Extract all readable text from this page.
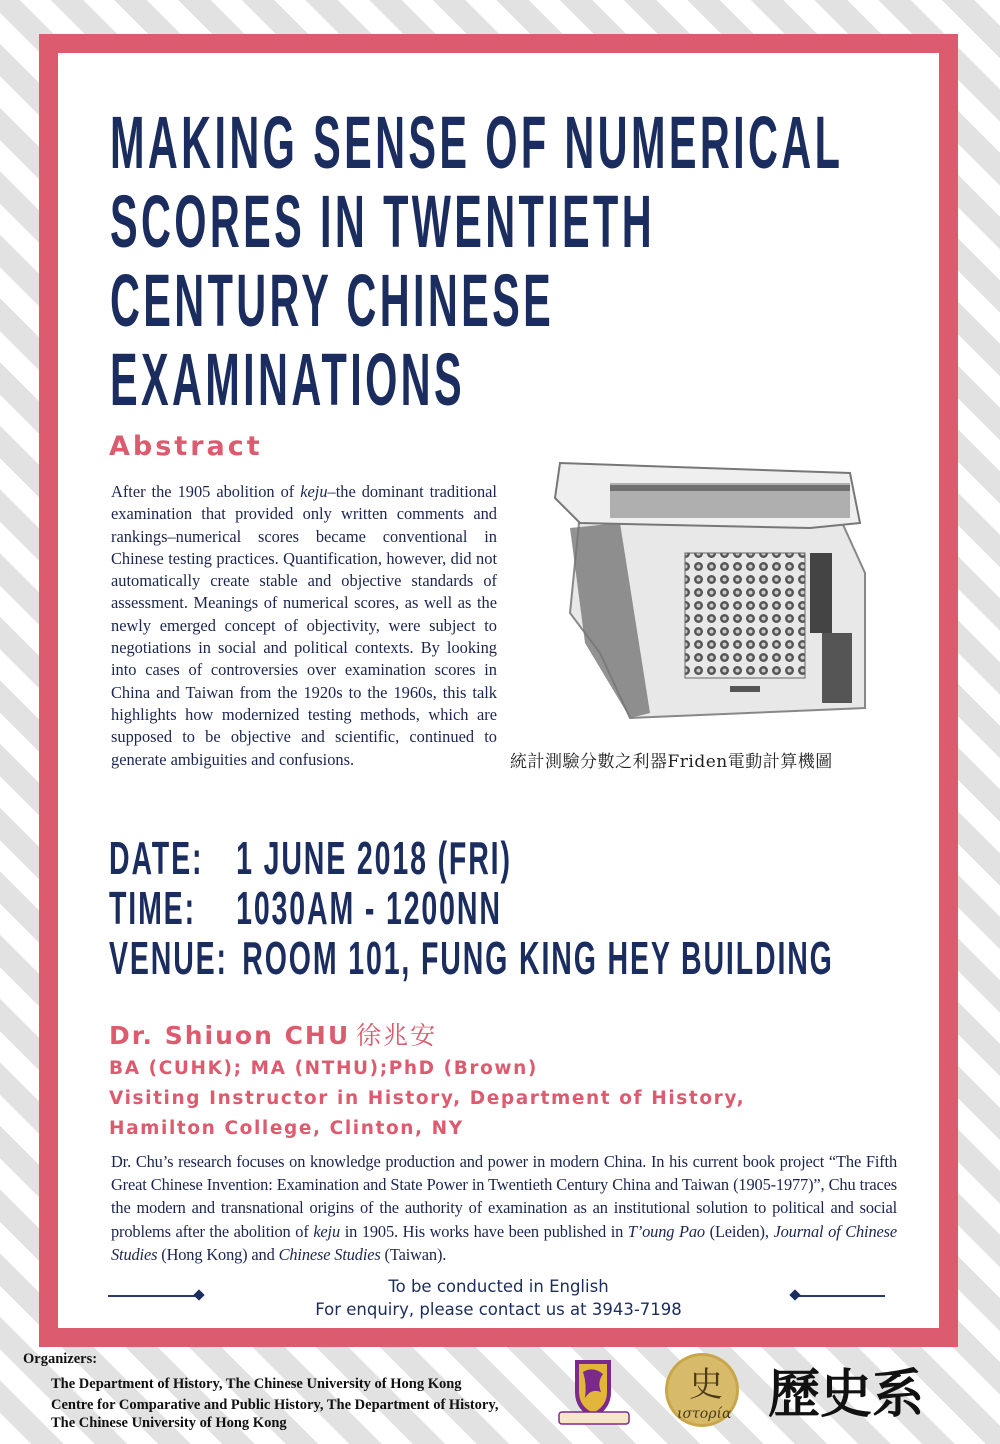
MAKING SENSE OF NUMERICAL
SCORES IN TWENTIETH
CENTURY CHINESE
EXAMINATIONS
Abstract
After the 1905 abolition of keju–the dominant traditional examination that provided only written comments and rankings–numerical scores became conventional in Chinese testing practices. Quantification, however, did not automatically create stable and objective standards of assessment. Meanings of numerical scores, as well as the newly emerged concept of objectivity, were subject to negotiations in social and political contexts. By looking into cases of controversies over examination scores in China and Taiwan from the 1920s to the 1960s, this talk highlights how modernized testing methods, which are supposed to be objective and scientific, continued to generate ambiguities and confusions.	統計測驗分數之利器Friden電動計算機圖
DATE: 1 JUNE 2018 (FRI)
TIME: 1030AM - 1200NN
VENUE: ROOM 101, FUNG KING HEY BUILDING
Dr. Shiuon CHU 徐兆安
BA (CUHK); MA (NTHU);PhD (Brown)
Visiting Instructor in History, Department of History,
Hamilton College, Clinton, NY
Dr. Chu’s research focuses on knowledge production and power in modern China. In his current book project “The Fifth Great Chinese Invention: Examination and State Power in Twentieth Century China and Taiwan (1905-1977)”, Chu traces the modern and transnational origins of the authority of examination as an institutional solution to political and social problems after the abolition of keju in 1905. His works have been published in T’oung Pao (Leiden), Journal of Chinese Studies (Hong Kong) and Chinese Studies (Taiwan).
To be conducted in English
For enquiry, please contact us at 3943-7198
Organizers:
The Department of History, The Chinese University of Hong Kong
Centre for Comparative and Public History, The Department of History,
The Chinese University of Hong Kong
史
ιστορία 歷史系
